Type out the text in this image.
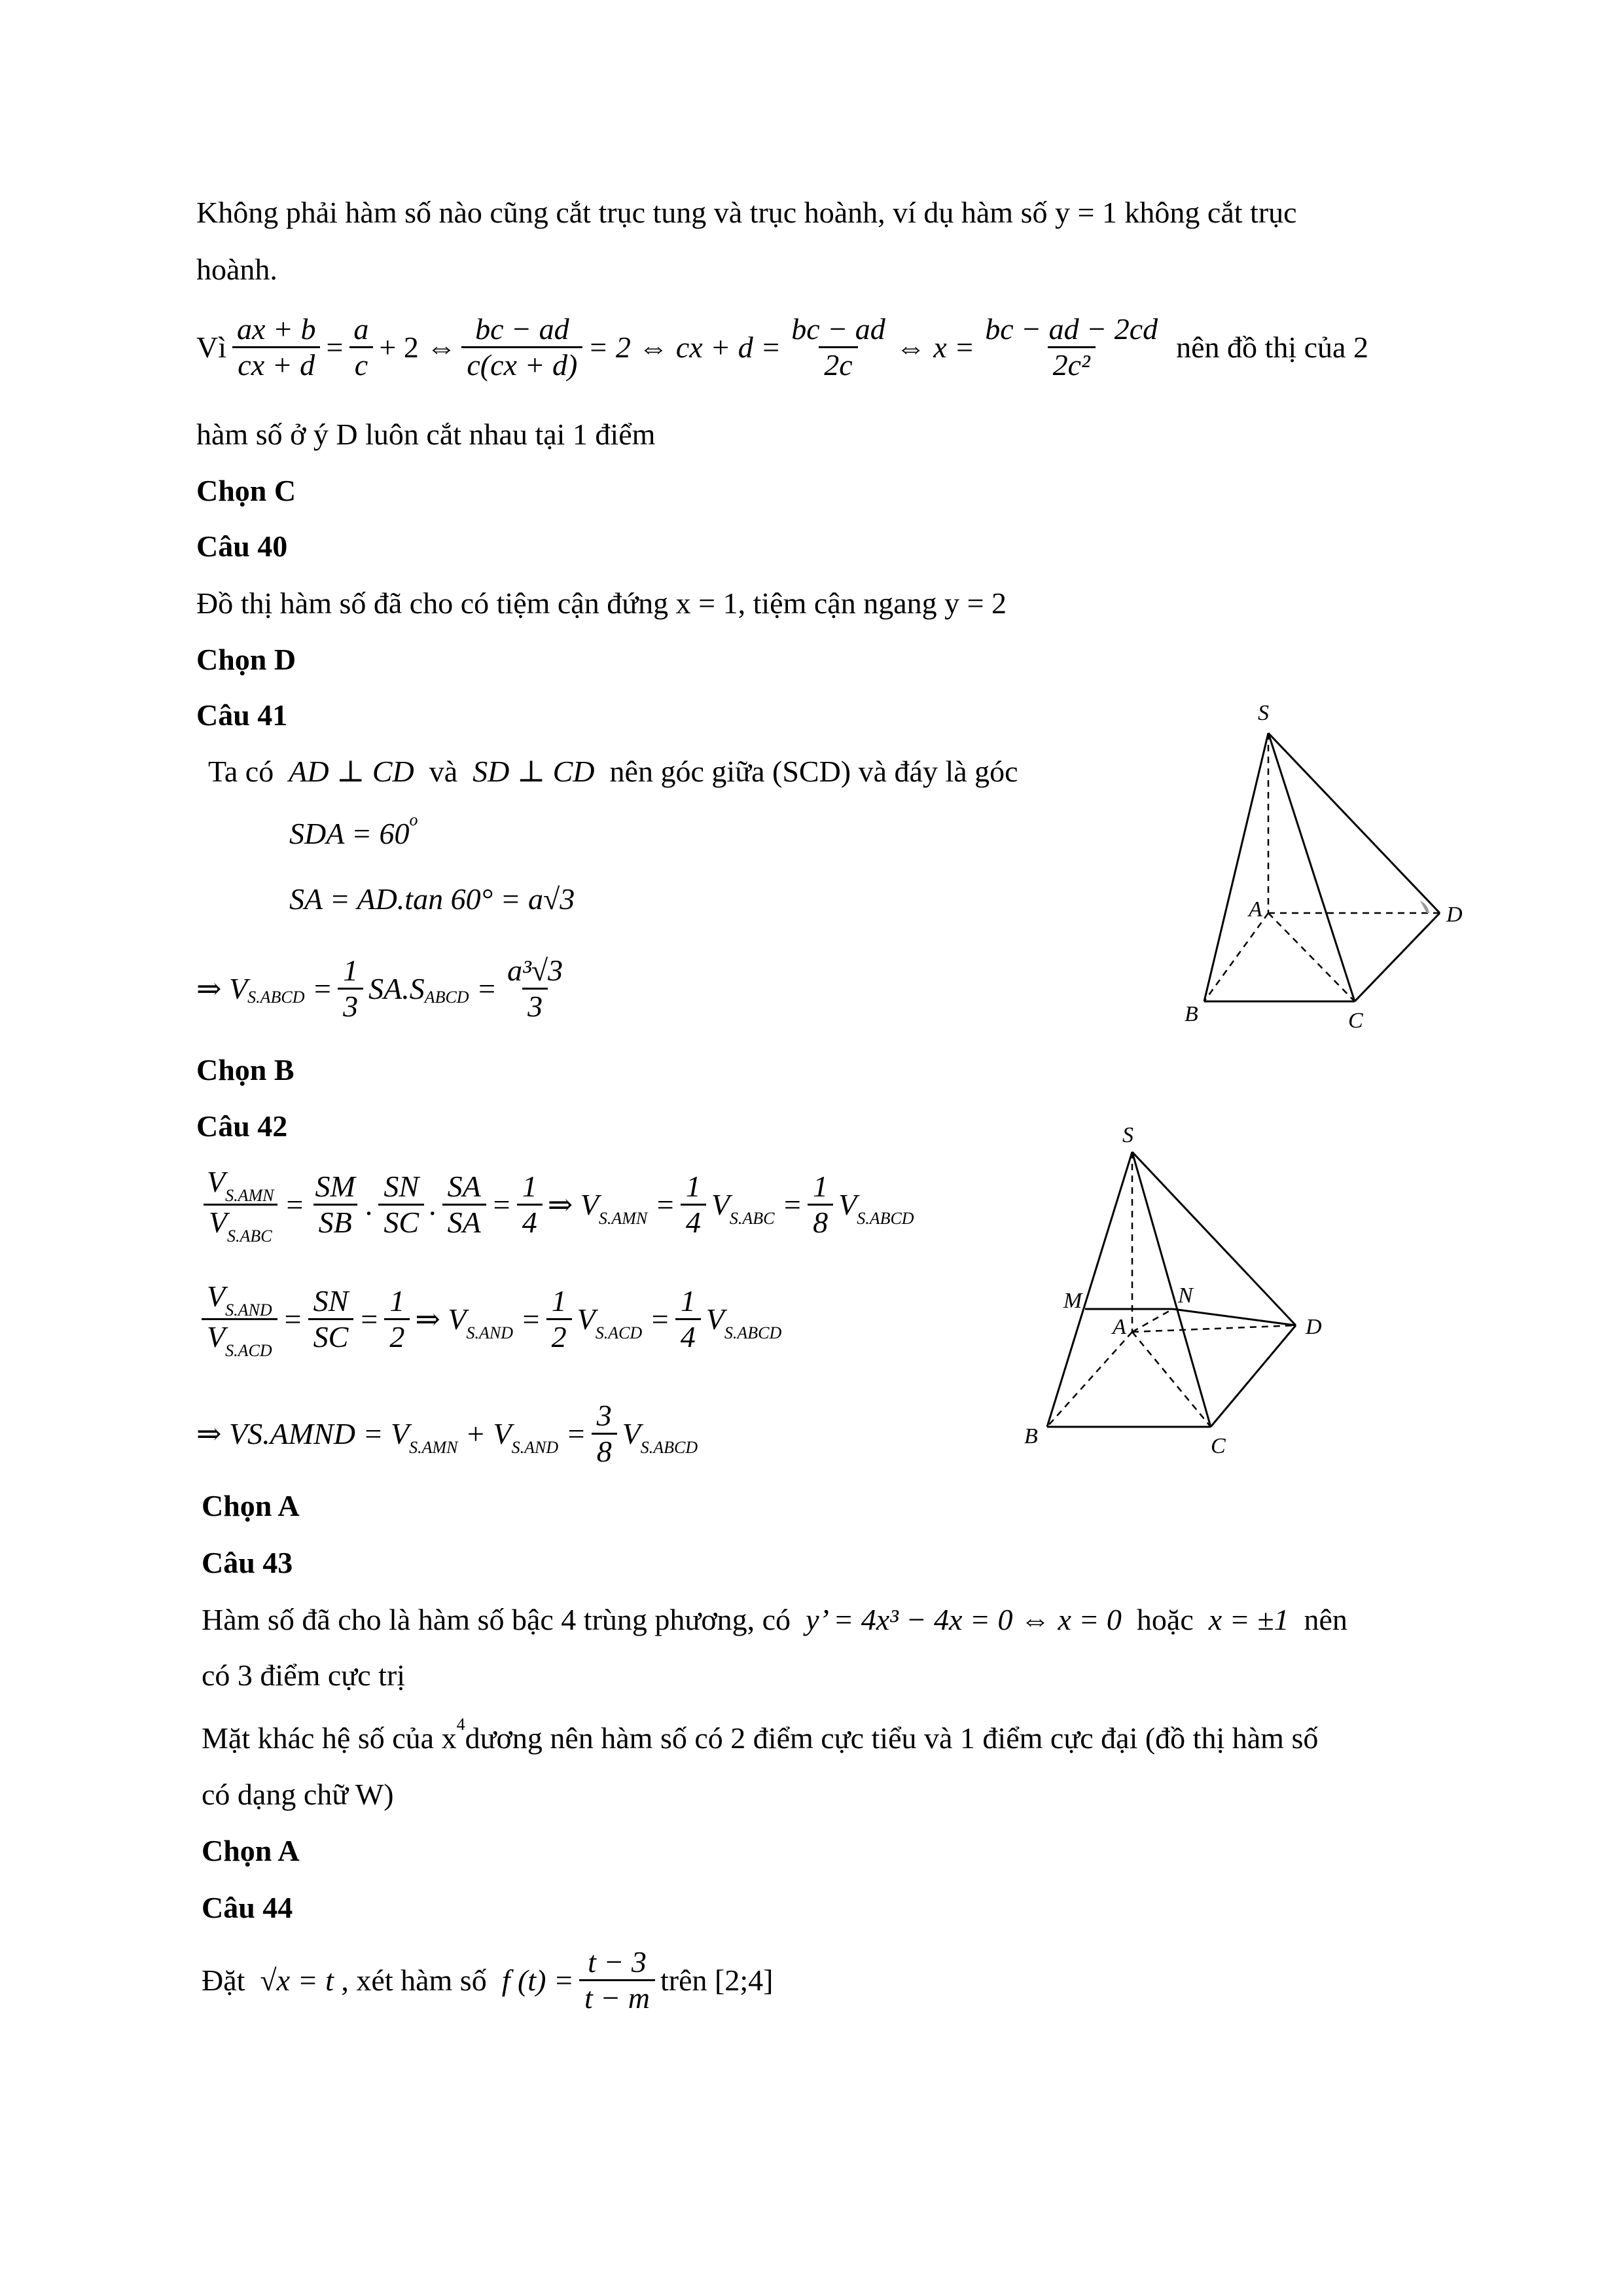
Không phải hàm số nào cũng cắt trục tung và trục hoành, ví dụ hàm số y = 1 không cắt trục
hoành.
Vì $\frac{ax + b}{cx + d} = \frac{a}{c} + 2$ ⇔ $\frac{bc - ad}{c(cx + d)} = 2$ ⇔ cx + $d = \frac{bc - ad}{2c}$ ⇔ $x = \frac{bc - ad - 2cd}{\text{2c²}}$ nên đồ thị của 2
hàm số ở ý D luôn cắt nhau tại 1 điểm
Chọn C
Câu 40
Đồ thị hàm số đã cho có tiệm cận đứng x = 1, tiệm cận ngang y = 2
Chọn D
Câu 41
Ta có
AD ⊥ CD
và
SD ⊥ CD
nên góc giữa (SCD) và đáy là góc
SDA = 60 o
SA = AD.tan 60° = a√3
⇒ V S.ABCD
= $\frac{1}{3} SA.S$ ABCD
= $\frac{\text{a³√3}}{3}$
S
A	D
B	C
Chọn B
Câu 42
$\frac{V_{S.AMN}}{V_{S.ABC}} = \frac{SM}{SB}$ . $\frac{SN}{SC}$ . $\frac{SA}{SA} = \frac{1}{4}$ ⇒ $V_{S.AMN} = \frac{1}{4} V_{S.ABC} = \frac{1}{8} V_{S.ABCD}$
$\frac{V_{S.AND}}{V_{S.ACD}} = \frac{SN}{SC} = \frac{1}{2}$ ⇒ $V_{S.AND} = \frac{1}{2} V_{S.ACD} = \frac{1}{4} V_{S.ABCD}$
⇒ VS.AMND = $V_{S.AMN} + V_{S.AND} = \frac{3}{8} V_{S.ABCD}$
S
M	N
A	D
B	C
Chọn A
Câu 43
Hàm số đã cho là hàm số bậc 4 trùng phương, có
y’ = 4x³ − 4x = 0 ⇔ x = 0
hoặc
x = ±1
nên
có 3 điểm cực trị
Mặt khác hệ số của x 4 dương nên hàm số có 2 điểm cực tiểu và 1 điểm cực đại (đồ thị hàm số
có dạng chữ W)
Chọn A
Câu 44
Đặt
√x = t
, xét hàm số
f $(t) = \frac{t - 3}{t - m}$ trên [2;4]
